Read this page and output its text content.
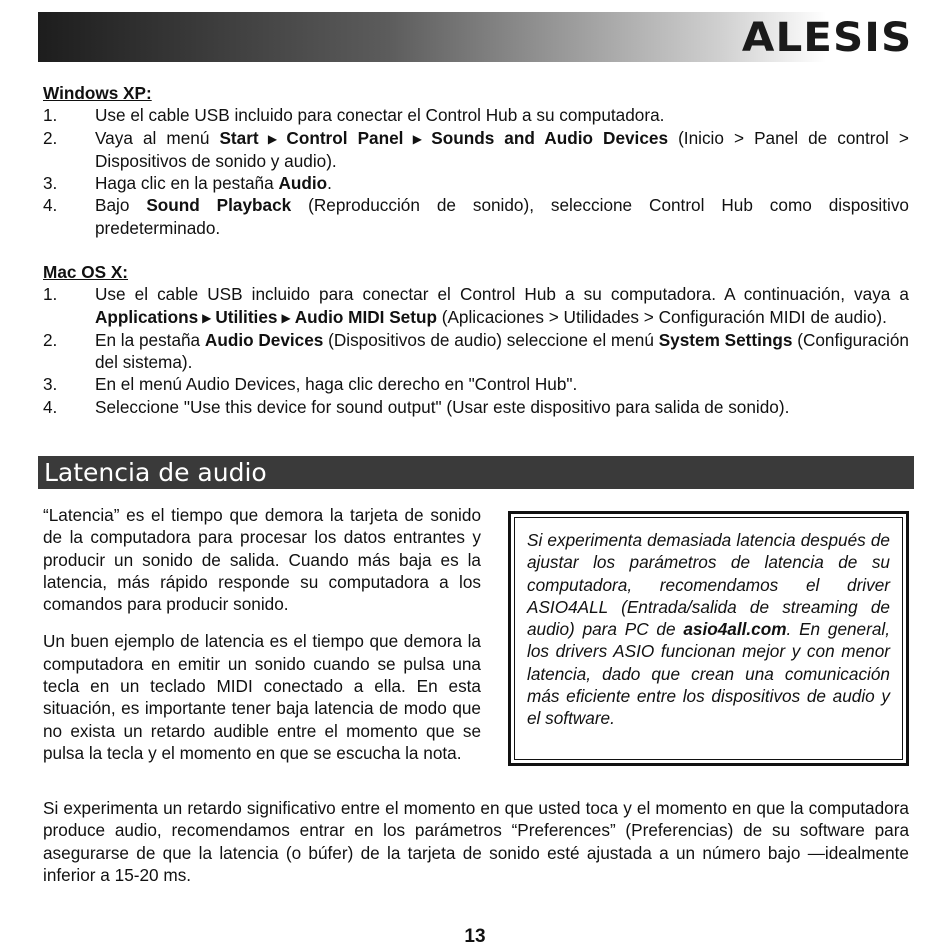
ALESIS

Windows XP:

1.	Use el cable USB incluido para conectar el Control Hub a su computadora.
2.	Vaya al menú Start ▶ Control Panel ▶ Sounds and Audio Devices (Inicio > Panel de control > Dispositivos de sonido y audio).
3.	Haga clic en la pestaña Audio.
4.	Bajo Sound Playback (Reproducción de sonido), seleccione Control Hub como dispositivo predeterminado.

Mac OS X:

1.	Use el cable USB incluido para conectar el Control Hub a su computadora. A continuación, vaya a Applications ▶ Utilities ▶ Audio MIDI Setup (Aplicaciones > Utilidades > Configuración MIDI de audio).
2.	En la pestaña Audio Devices (Dispositivos de audio) seleccione el menú System Settings (Configuración del sistema).
3.	En el menú Audio Devices, haga clic derecho en "Control Hub".
4.	Seleccione "Use this device for sound output" (Usar este dispositivo para salida de sonido).
Latencia de audio

“Latencia” es el tiempo que demora la tarjeta de sonido de la computadora para procesar los datos entrantes y producir un sonido de salida. Cuando más baja es la latencia, más rápido responde su computadora a los comandos para producir sonido.

Un buen ejemplo de latencia es el tiempo que demora la computadora en emitir un sonido cuando se pulsa una tecla en un teclado MIDI conectado a ella. En esta situación, es importante tener baja latencia de modo que no exista un retardo audible entre el momento que se pulsa la tecla y el momento en que se escucha la nota.

Si experimenta demasiada latencia después de ajustar los parámetros de latencia de su computadora, recomendamos el driver ASIO4ALL (Entrada/salida de streaming de audio) para PC de asio4all.com. En general, los drivers ASIO funcionan mejor y con menor latencia, dado que crean una comunicación más eficiente entre los dispositivos de audio y el software.

Si experimenta un retardo significativo entre el momento en que usted toca y el momento en que la computadora produce audio, recomendamos entrar en los parámetros “Preferences” (Preferencias) de su software para asegurarse de que la latencia (o búfer) de la tarjeta de sonido esté ajustada a un número bajo —idealmente inferior a 15-20 ms.

13
